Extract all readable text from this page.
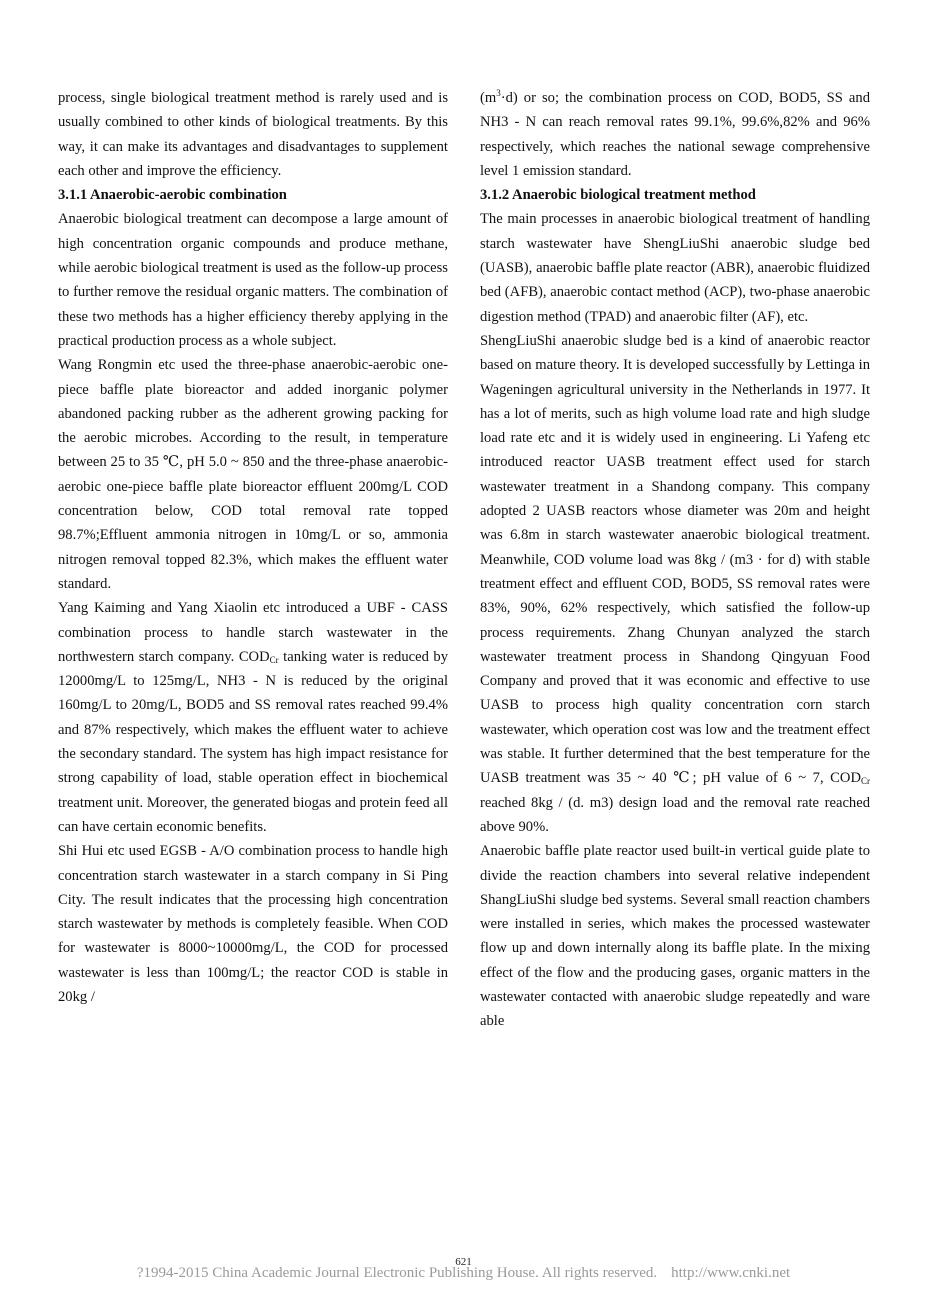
process, single biological treatment method is rarely used and is usually combined to other kinds of biological treatments. By this way, it can make its advantages and disadvantages to supplement each other and improve the efficiency.

3.1.1 Anaerobic-aerobic combination

Anaerobic biological treatment can decompose a large amount of high concentration organic compounds and produce methane, while aerobic biological treatment is used as the follow-up process to further remove the residual organic matters. The combination of these two methods has a higher efficiency thereby applying in the practical production process as a whole subject.

Wang Rongmin etc used the three-phase anaerobic-aerobic one-piece baffle plate bioreactor and added inorganic polymer abandoned packing rubber as the adherent growing packing for the aerobic microbes. According to the result, in temperature between 25 to 35 ℃, pH 5.0 ~ 850 and the three-phase anaerobic-aerobic one-piece baffle plate bioreactor effluent 200mg/L COD concentration below, COD total removal rate topped 98.7%;Effluent ammonia nitrogen in 10mg/L or so, ammonia nitrogen removal topped 82.3%, which makes the effluent water standard.

Yang Kaiming and Yang Xiaolin etc introduced a UBF - CASS combination process to handle starch wastewater in the northwestern starch company. $COD_{Cr}$ tanking water is reduced by 12000mg/L to 125mg/L, NH3 - N is reduced by the original 160mg/L to 20mg/L, BOD5 and SS removal rates reached 99.4% and 87% respectively, which makes the effluent water to achieve the secondary standard. The system has high impact resistance for strong capability of load, stable operation effect in biochemical treatment unit. Moreover, the generated biogas and protein feed all can have certain economic benefits.

Shi Hui etc used EGSB - A/O combination process to handle high concentration starch wastewater in a starch company in Si Ping City. The result indicates that the processing high concentration starch wastewater by methods is completely feasible. When COD for wastewater is 8000~10000mg/L, the COD for processed wastewater is less than 100mg/L; the reactor COD is stable in 20kg /

$(m^3\cdot d)$ or so; the combination process on COD, BOD5, SS and NH3 - N can reach removal rates 99.1%, 99.6%,82% and 96% respectively, which reaches the national sewage comprehensive level 1 emission standard.

3.1.2 Anaerobic biological treatment method

The main processes in anaerobic biological treatment of handling starch wastewater have ShengLiuShi anaerobic sludge bed (UASB), anaerobic baffle plate reactor (ABR), anaerobic fluidized bed (AFB), anaerobic contact method (ACP), two-phase anaerobic digestion method (TPAD) and anaerobic filter (AF), etc.

ShengLiuShi anaerobic sludge bed is a kind of anaerobic reactor based on mature theory. It is developed successfully by Lettinga in Wageningen agricultural university in the Netherlands in 1977. It has a lot of merits, such as high volume load rate and high sludge load rate etc and it is widely used in engineering. Li Yafeng etc introduced reactor UASB treatment effect used for starch wastewater treatment in a Shandong company. This company adopted 2 UASB reactors whose diameter was 20m and height was 6.8m in starch wastewater anaerobic biological treatment. Meanwhile, COD volume load was 8kg / (m3 · for d) with stable treatment effect and effluent COD, BOD5, SS removal rates were 83%, 90%, 62% respectively, which satisfied the follow-up process requirements. Zhang Chunyan analyzed the starch wastewater treatment process in Shandong Qingyuan Food Company and proved that it was economic and effective to use UASB to process high quality concentration corn starch wastewater, which operation cost was low and the treatment effect was stable. It further determined that the best temperature for the UASB treatment was 35 ~ 40 ℃; pH value of 6 ~ 7, $COD_{Cr}$ reached 8kg / (d. m3) design load and the removal rate reached above 90%.

Anaerobic baffle plate reactor used built-in vertical guide plate to divide the reaction chambers into several relative independent ShangLiuShi sludge bed systems. Several small reaction chambers were installed in series, which makes the processed wastewater flow up and down internally along its baffle plate. In the mixing effect of the flow and the producing gases, organic matters in the wastewater contacted with anaerobic sludge repeatedly and ware able

621
?1994-2015 China Academic Journal Electronic Publishing House. All rights reserved. http://www.cnki.net
